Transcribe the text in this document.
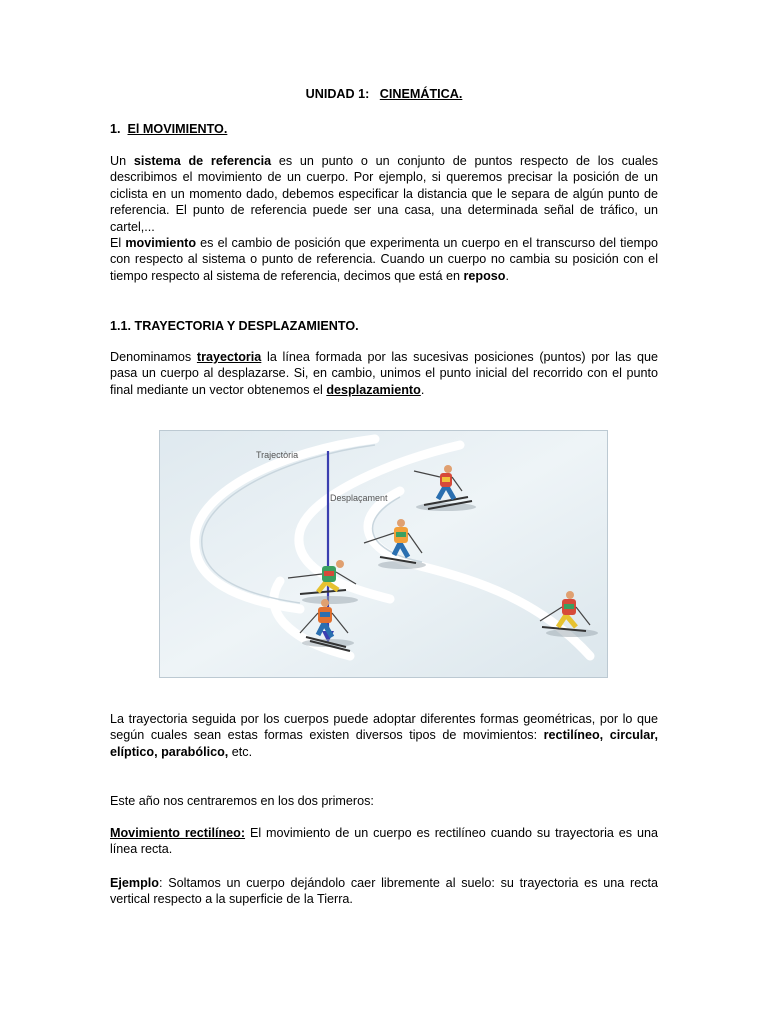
UNIDAD 1: CINEMÁTICA.

1. El MOVIMIENTO.

Un sistema de referencia es un punto o un conjunto de puntos respecto de los cuales describimos el movimiento de un cuerpo. Por ejemplo, si queremos precisar la posición de un ciclista en un momento dado, debemos especificar la distancia que le separa de algún punto de referencia. El punto de referencia puede ser una casa, una determinada señal de tráfico, un cartel,...

El movimiento es el cambio de posición que experimenta un cuerpo en el transcurso del tiempo con respecto al sistema o punto de referencia. Cuando un cuerpo no cambia su posición con el tiempo respecto al sistema de referencia, decimos que está en reposo.

1.1. TRAYECTORIA Y DESPLAZAMIENTO.

Denominamos trayectoria la línea formada por las sucesivas posiciones (puntos) por las que pasa un cuerpo al desplazarse. Si, en cambio, unimos el punto inicial del recorrido con el punto final mediante un vector obtenemos el desplazamiento.

Trajectòria
Desplaçament

La trayectoria seguida por los cuerpos puede adoptar diferentes formas geométricas, por lo que según cuales sean estas formas existen diversos tipos de movimientos: rectilíneo, circular, elíptico, parabólico, etc.

Este año nos centraremos en los dos primeros:

Movimiento rectilíneo: El movimiento de un cuerpo es rectilíneo cuando su trayectoria es una línea recta.

Ejemplo: Soltamos un cuerpo dejándolo caer libremente al suelo: su trayectoria es una recta vertical respecto a la superficie de la Tierra.
